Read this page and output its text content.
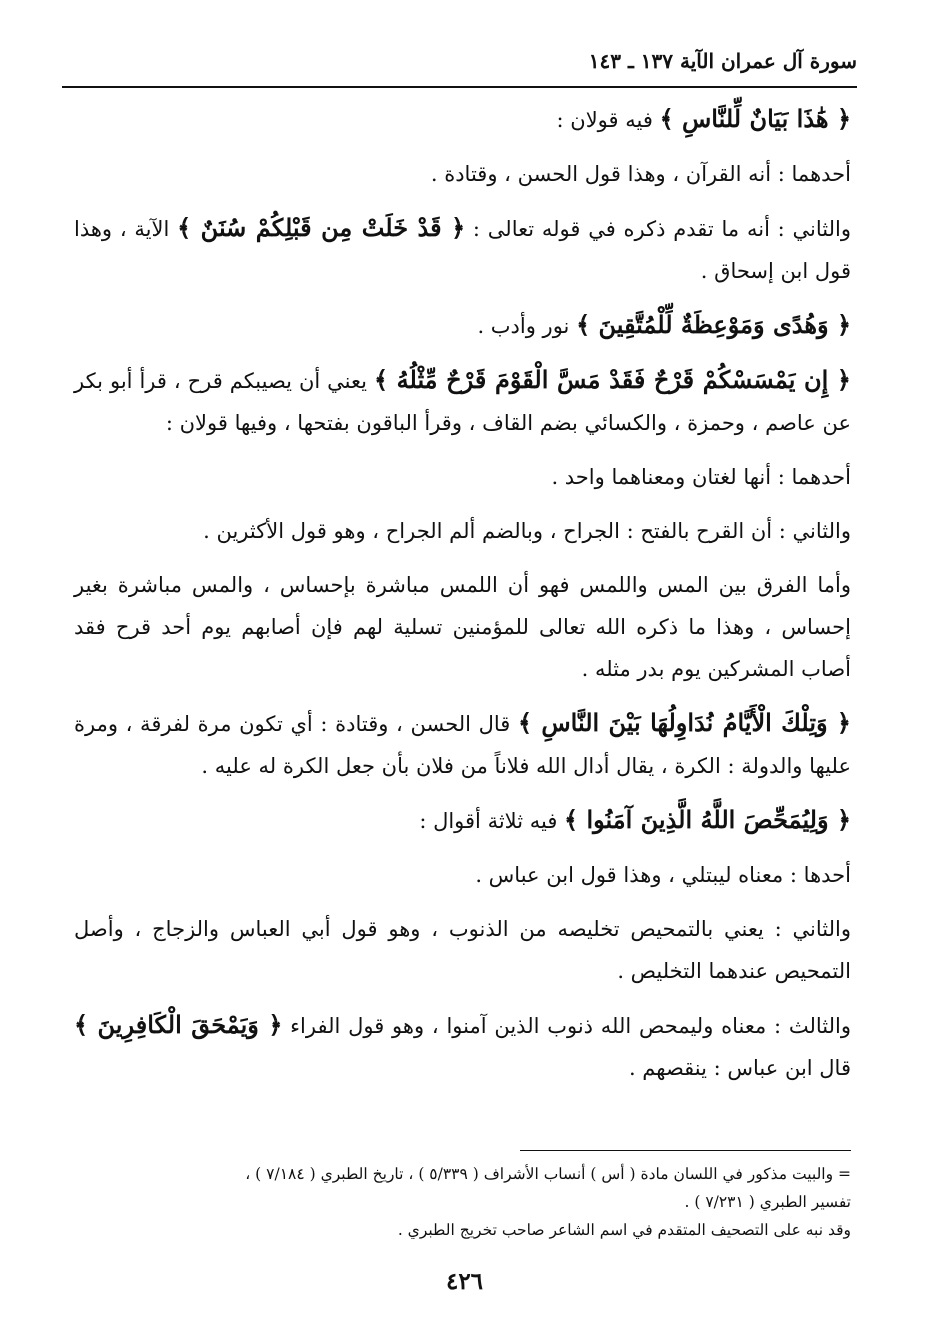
سورة آل عمران الآية ١٣٧ ـ ١٤٣

﴿ هَٰذَا بَيَانٌ لِّلنَّاسِ ﴾ فيه قولان :

أحدهما : أنه القرآن ، وهذا قول الحسن ، وقتادة .

والثاني : أنه ما تقدم ذكره في قوله تعالى : ﴿ قَدْ خَلَتْ مِن قَبْلِكُمْ سُنَنٌ ﴾ الآية ، وهذا قول ابن إسحاق .

﴿ وَهُدًى وَمَوْعِظَةٌ لِّلْمُتَّقِينَ ﴾ نور وأدب .

﴿ إِن يَمْسَسْكُمْ قَرْحٌ فَقَدْ مَسَّ الْقَوْمَ قَرْحٌ مِّثْلُهُ ﴾ يعني أن يصيبكم قرح ، قرأ أبو بكر عن عاصم ، وحمزة ، والكسائي بضم القاف ، وقرأ الباقون بفتحها ، وفيها قولان :

أحدهما : أنها لغتان ومعناهما واحد .

والثاني : أن القرح بالفتح : الجراح ، وبالضم ألم الجراح ، وهو قول الأكثرين .

وأما الفرق بين المس واللمس فهو أن اللمس مباشرة بإحساس ، والمس مباشرة بغير إحساس ، وهذا ما ذكره الله تعالى للمؤمنين تسلية لهم فإن أصابهم يوم أحد قرح فقد أصاب المشركين يوم بدر مثله .

﴿ وَتِلْكَ الْأَيَّامُ نُدَاوِلُهَا بَيْنَ النَّاسِ ﴾ قال الحسن ، وقتادة : أي تكون مرة لفرقة ، ومرة عليها والدولة : الكرة ، يقال أدال الله فلاناً من فلان بأن جعل الكرة له عليه .

﴿ وَلِيُمَحِّصَ اللَّهُ الَّذِينَ آمَنُوا ﴾ فيه ثلاثة أقوال :

أحدها : معناه ليبتلي ، وهذا قول ابن عباس .

والثاني : يعني بالتمحيص تخليصه من الذنوب ، وهو قول أبي العباس والزجاج ، وأصل التمحيص عندهما التخليص .

والثالث : معناه وليمحص الله ذنوب الذين آمنوا ، وهو قول الفراء ﴿ وَيَمْحَقَ الْكَافِرِينَ ﴾ قال ابن عباس : ينقصهم .

= والبيت مذكور في اللسان مادة ( أس ) أنساب الأشراف ( ٥/٣٣٩ ) ، تاريخ الطبري ( ٧/١٨٤ ) ،

تفسير الطبري ( ٧/٢٣١ ) .

وقد نبه على التصحيف المتقدم في اسم الشاعر صاحب تخريج الطبري .

٤٢٦
